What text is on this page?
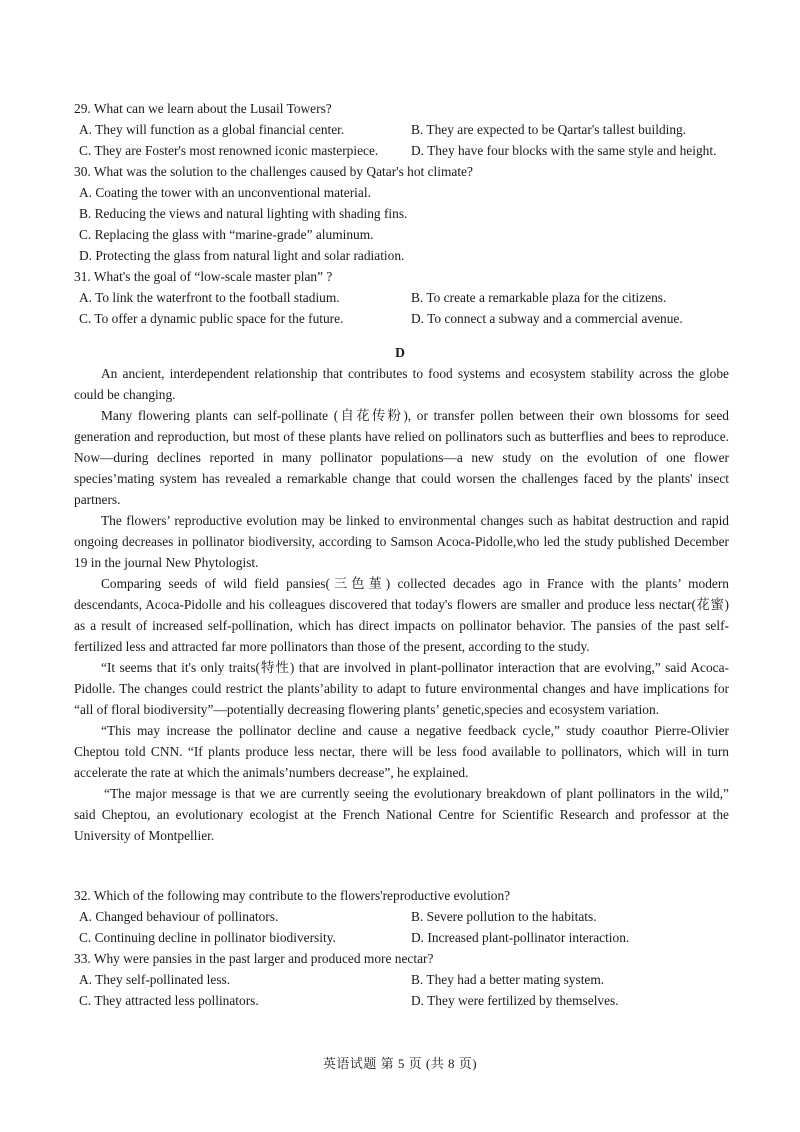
29. What can we learn about the Lusail Towers?
A. They will function as a global financial center.	B. They are expected to be Qartar's tallest building.
C. They are Foster's most renowned iconic masterpiece. D. They have four blocks with the same style and height.
30. What was the solution to the challenges caused by Qatar's hot climate?
A. Coating the tower with an unconventional material.
B. Reducing the views and natural lighting with shading fins.
C. Replacing the glass with “marine-grade” aluminum.
D. Protecting the glass from natural light and solar radiation.
31. What's the goal of “low-scale master plan” ?
A. To link the waterfront to the football stadium.	B. To create a remarkable plaza for the citizens.
C. To offer a dynamic public space for the future.	D. To connect a subway and a commercial avenue.
D

An ancient, interdependent relationship that contributes to food systems and ecosystem stability across the globe could be changing.

Many flowering plants can self-pollinate (自花传粉), or transfer pollen between their own blossoms for seed generation and reproduction, but most of these plants have relied on pollinators such as butterflies and bees to reproduce. Now—during declines reported in many pollinator populations—a new study on the evolution of one flower species’mating system has revealed a remarkable change that could worsen the challenges faced by the plants' insect partners.

The flowers’ reproductive evolution may be linked to environmental changes such as habitat destruction and rapid ongoing decreases in pollinator biodiversity, according to Samson Acoca-Pidolle,who led the study published December 19 in the journal New Phytologist.

Comparing seeds of wild field pansies(三色堇) collected decades ago in France with the plants’ modern descendants, Acoca-Pidolle and his colleagues discovered that today's flowers are smaller and produce less nectar(花蜜) as a result of increased self-pollination, which has direct impacts on pollinator behavior. The pansies of the past self-fertilized less and attracted far more pollinators than those of the present, according to the study.

“It seems that it's only traits(特性) that are involved in plant-pollinator interaction that are evolving,” said Acoca-Pidolle. The changes could restrict the plants’ability to adapt to future environmental changes and have implications for “all of floral biodiversity”—potentially decreasing flowering plants’ genetic,species and ecosystem variation.

“This may increase the pollinator decline and cause a negative feedback cycle,” study coauthor Pierre-Olivier Cheptou told CNN. “If plants produce less nectar, there will be less food available to pollinators, which will in turn accelerate the rate at which the animals’numbers decrease”, he explained.

“The major message is that we are currently seeing the evolutionary breakdown of plant pollinators in the wild,” said Cheptou, an evolutionary ecologist at the French National Centre for Scientific Research and professor at the University of Montpellier.

32. Which of the following may contribute to the flowers'reproductive evolution?
A. Changed behaviour of pollinators.	B. Severe pollution to the habitats.
C. Continuing decline in pollinator biodiversity.	D. Increased plant-pollinator interaction.
33. Why were pansies in the past larger and produced more nectar?
A. They self-pollinated less.	B. They had a better mating system.
C. They attracted less pollinators.	D. They were fertilized by themselves.
英语试题 第 5 页 (共 8 页)
